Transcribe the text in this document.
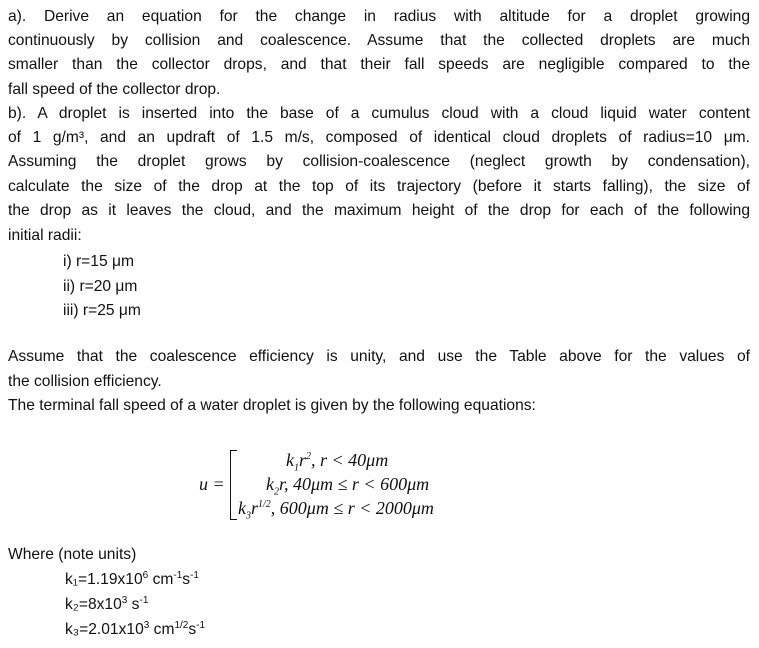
a). Derive an equation for the change in radius with altitude for a droplet growing
continuously by collision and coalescence. Assume that the collected droplets are much
smaller than the collector drops, and that their fall speeds are negligible compared to the
fall speed of the collector drop.
b). A droplet is inserted into the base of a cumulus cloud with a cloud liquid water content
of 1 g/m³, and an updraft of 1.5 m/s, composed of identical cloud droplets of radius=10 μm.
Assuming the droplet grows by collision-coalescence (neglect growth by condensation),
calculate the size of the drop at the top of its trajectory (before it starts falling), the size of
the drop as it leaves the cloud, and the maximum height of the drop for each of the following
initial radii:
i) r=15 μm
ii) r=20 μm
iii) r=25 μm
Assume that the coalescence efficiency is unity, and use the Table above for the values of
the collision efficiency.
The terminal fall speed of a water droplet is given by the following equations:
u =
$k_1r^2$, r < 40μm
$k_2r$, 40μm ≤ r < 600μm
$k_3r^{1/2}$, 600μm ≤ r < 2000μm
Where (note units)
$k_1=1.19x10^6$ $cm^{-1}s^{-1}$
$k_2=8x10^3$ $s^{-1}$
$k_3=2.01x10^3$ $cm^{1/2}s^{-1}$
